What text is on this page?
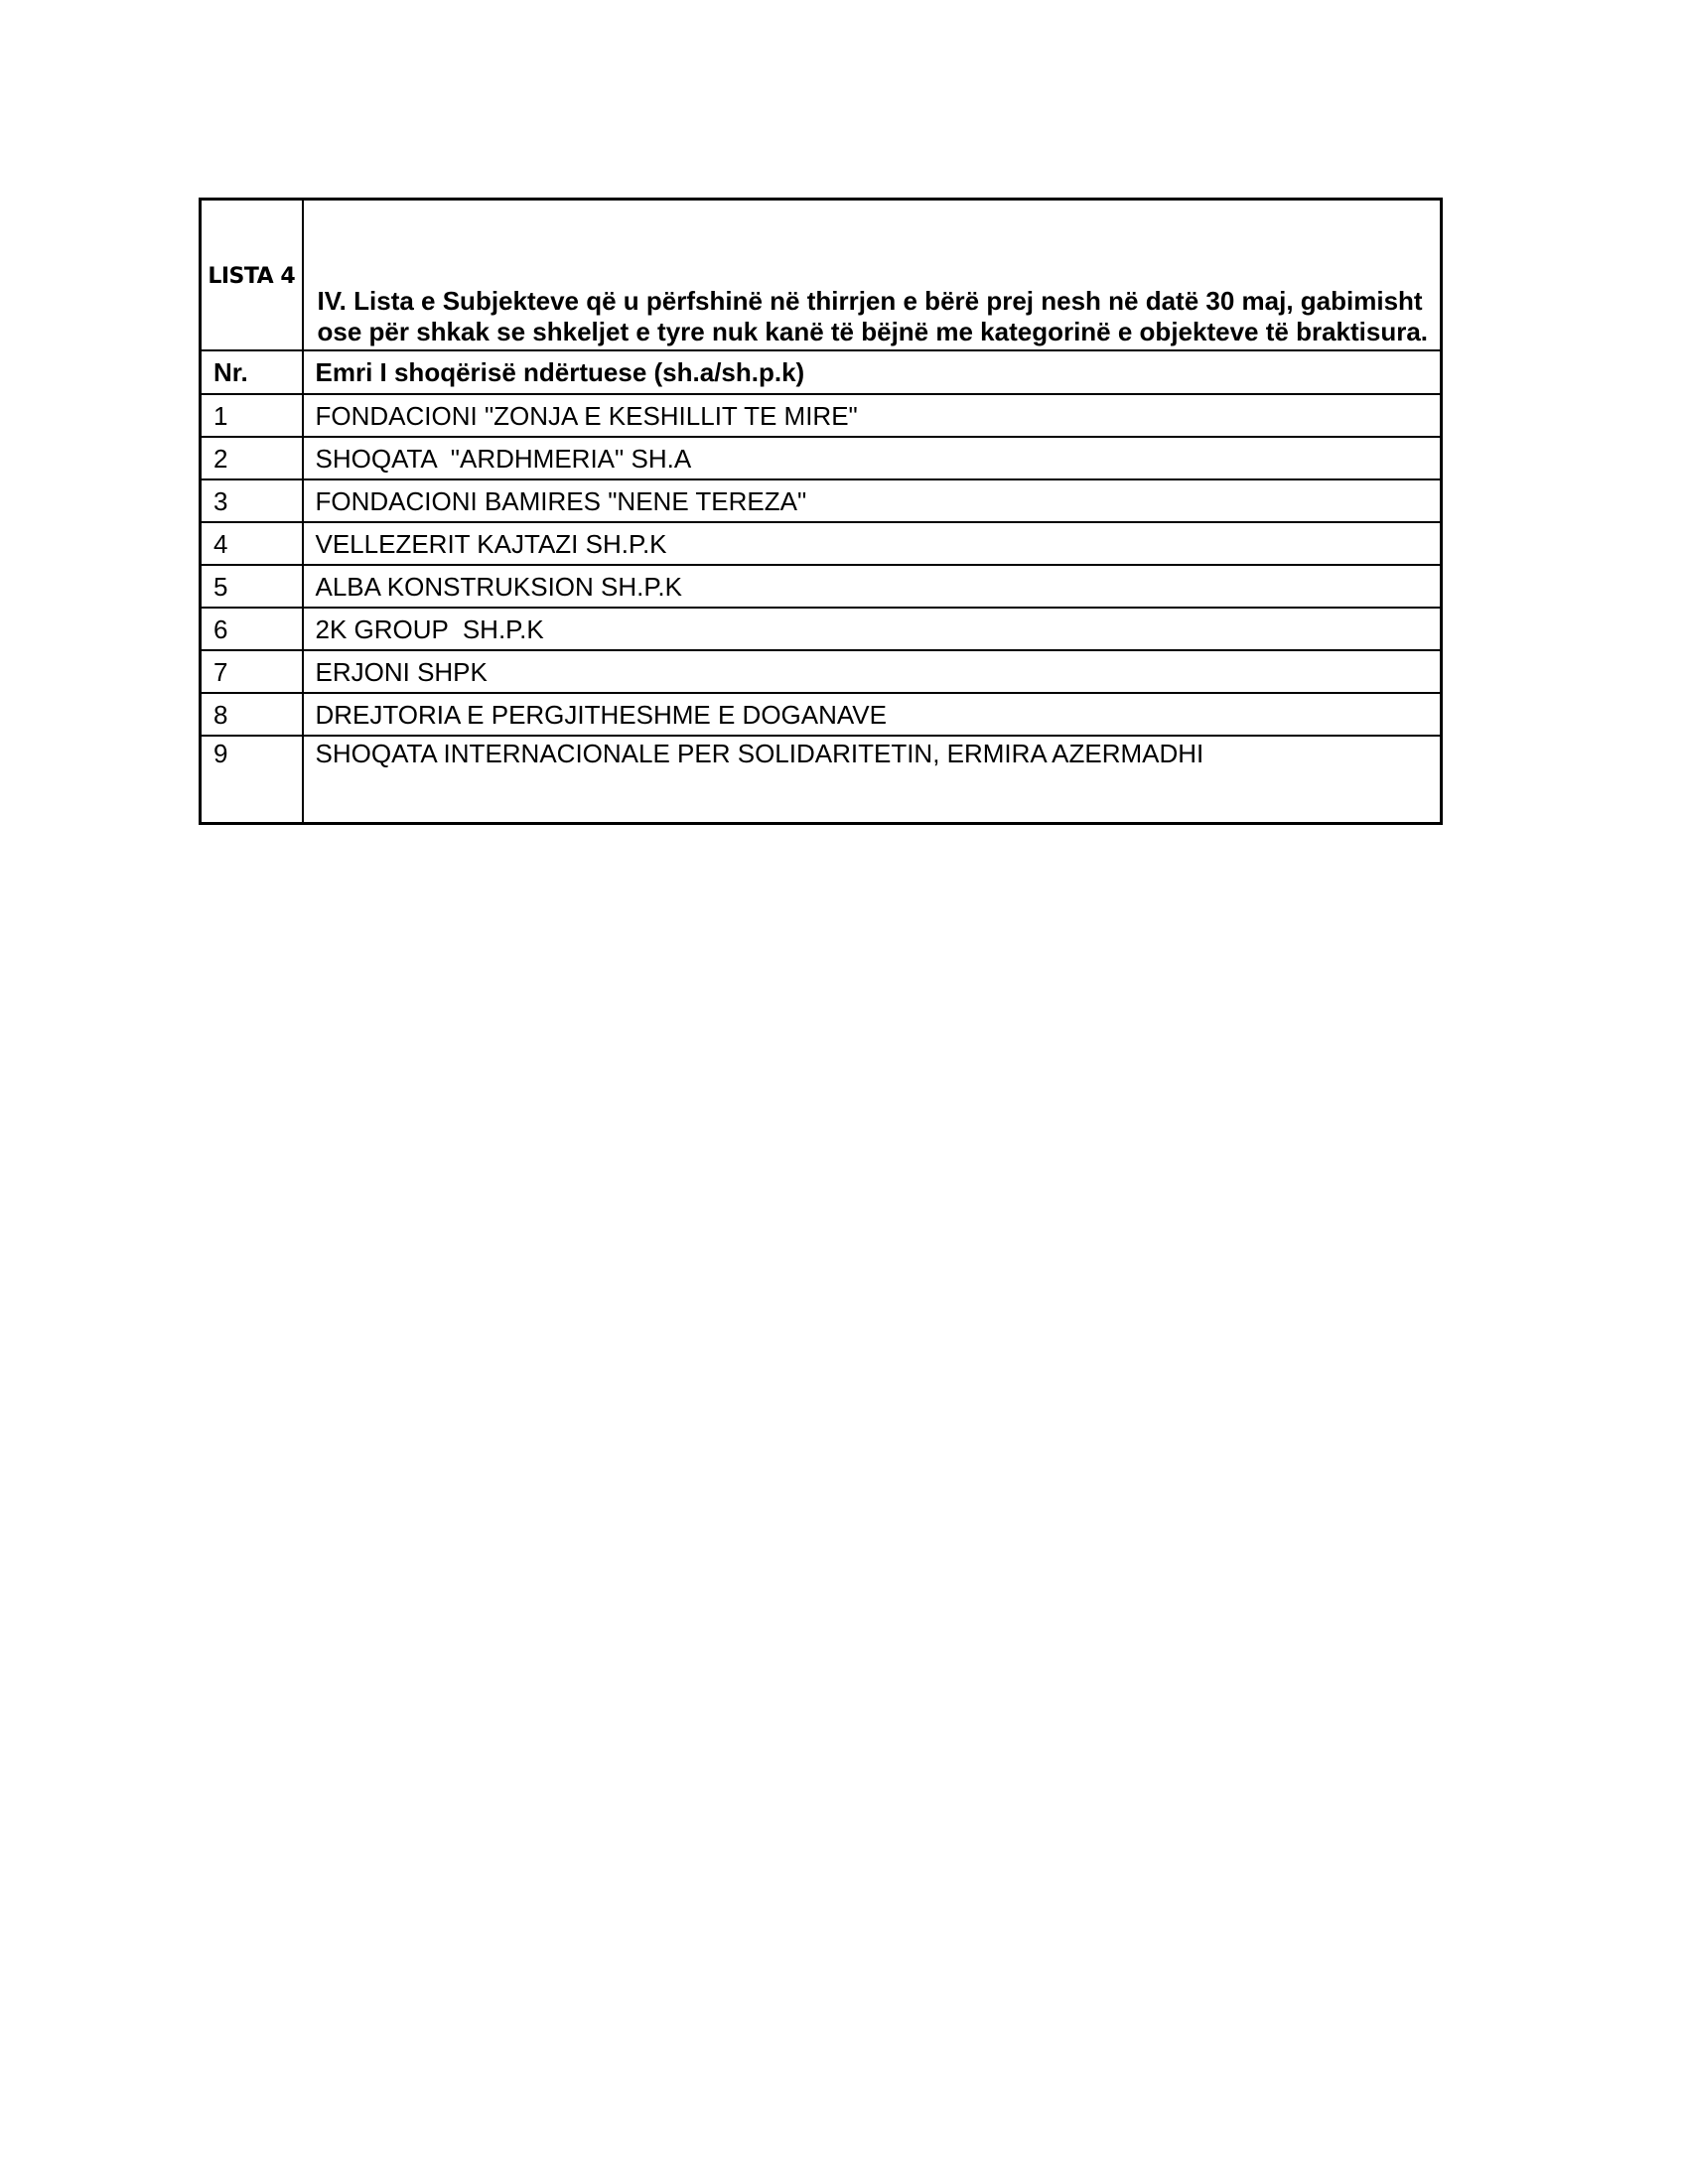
LISTA 4	IV. Lista e Subjekteve që u përfshinë në thirrjen e bërë prej nesh në datë 30 maj, gabimisht ose për shkak se shkeljet e tyre nuk kanë të bëjnë me kategorinë e objekteve të braktisura.

Nr.	Emri I shoqërisë ndërtuese (sh.a/sh.p.k)
1	FONDACIONI "ZONJA E KESHILLIT TE MIRE"
2	SHOQATA  "ARDHMERIA" SH.A
3	FONDACIONI BAMIRES "NENE TEREZA"
4	VELLEZERIT KAJTAZI SH.P.K
5	ALBA KONSTRUKSION SH.P.K
6	2K GROUP  SH.P.K
7	ERJONI SHPK
8	DREJTORIA E PERGJITHESHME E DOGANAVE
9	SHOQATA INTERNACIONALE PER SOLIDARITETIN, ERMIRA AZERMADHI
